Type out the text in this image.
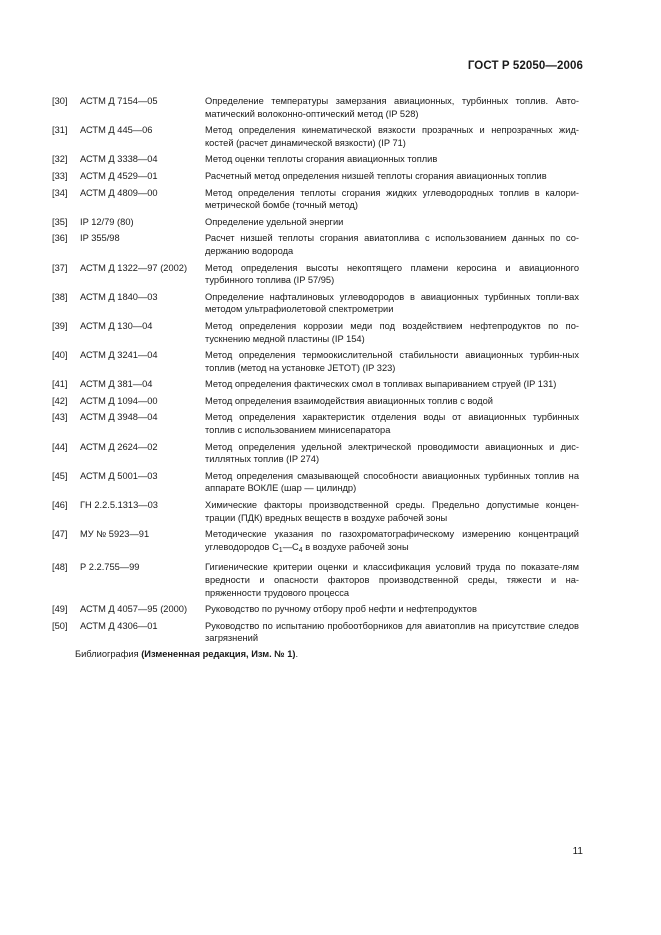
ГОСТ Р 52050—2006
[30]	АСТМ Д 7154—05	Определение температуры замерзания авиационных, турбинных топлив. Авто-матический волоконно-оптический метод (IP 528)
[31]	АСТМ Д 445—06	Метод определения кинематической вязкости прозрачных и непрозрачных жид-костей (расчет динамической вязкости) (IP 71)
[32]	АСТМ Д 3338—04	Метод оценки теплоты сгорания авиационных топлив
[33]	АСТМ Д 4529—01	Расчетный метод определения низшей теплоты сгорания авиационных топлив
[34]	АСТМ Д 4809—00	Метод определения теплоты сгорания жидких углеводородных топлив в калори-метрической бомбе (точный метод)
[35]	IP 12/79 (80)	Определение удельной энергии
[36]	IP 355/98	Расчет низшей теплоты сгорания авиатоплива с использованием данных по со-держанию водорода
[37]	АСТМ Д 1322—97 (2002)	Метод определения высоты некоптящего пламени керосина и авиационного турбинного топлива (IP 57/95)
[38]	АСТМ Д 1840—03	Определение нафталиновых углеводородов в авиационных турбинных топли-вах методом ультрафиолетовой спектрометрии
[39]	АСТМ Д 130—04	Метод определения коррозии меди под воздействием нефтепродуктов по по-тускнению медной пластины (IP 154)
[40]	АСТМ Д 3241—04	Метод определения термоокислительной стабильности авиационных турбин-ных топлив (метод на установке JETOT) (IP 323)
[41]	АСТМ Д 381—04	Метод определения фактических смол в топливах выпариванием струей (IP 131)
[42]	АСТМ Д 1094—00	Метод определения взаимодействия авиационных топлив с водой
[43]	АСТМ Д 3948—04	Метод определения характеристик отделения воды от авиационных турбинных топлив с использованием минисепаратора
[44]	АСТМ Д 2624—02	Метод определения удельной электрической проводимости авиационных и дис-тиллятных топлив (IP 274)
[45]	АСТМ Д 5001—03	Метод определения смазывающей способности авиационных турбинных топлив на аппарате ВОКЛЕ (шар — цилиндр)
[46]	ГН 2.2.5.1313—03	Химические факторы производственной среды. Предельно допустимые концен-трации (ПДК) вредных веществ в воздухе рабочей зоны
[47]	МУ № 5923—91	Методические указания по газохроматографическому измерению концентраций углеводородов $C_1—C_4$ в воздухе рабочей зоны
[48]	Р 2.2.755—99	Гигиенические критерии оценки и классификация условий труда по показате-лям вредности и опасности факторов производственной среды, тяжести и на-пряженности трудового процесса
[49]	АСТМ Д 4057—95 (2000)	Руководство по ручному отбору проб нефти и нефтепродуктов
[50]	АСТМ Д 4306—01	Руководство по испытанию пробоотборников для авиатоплив на присутствие следов загрязнений
Библиография (Измененная редакция, Изм. № 1).
11
